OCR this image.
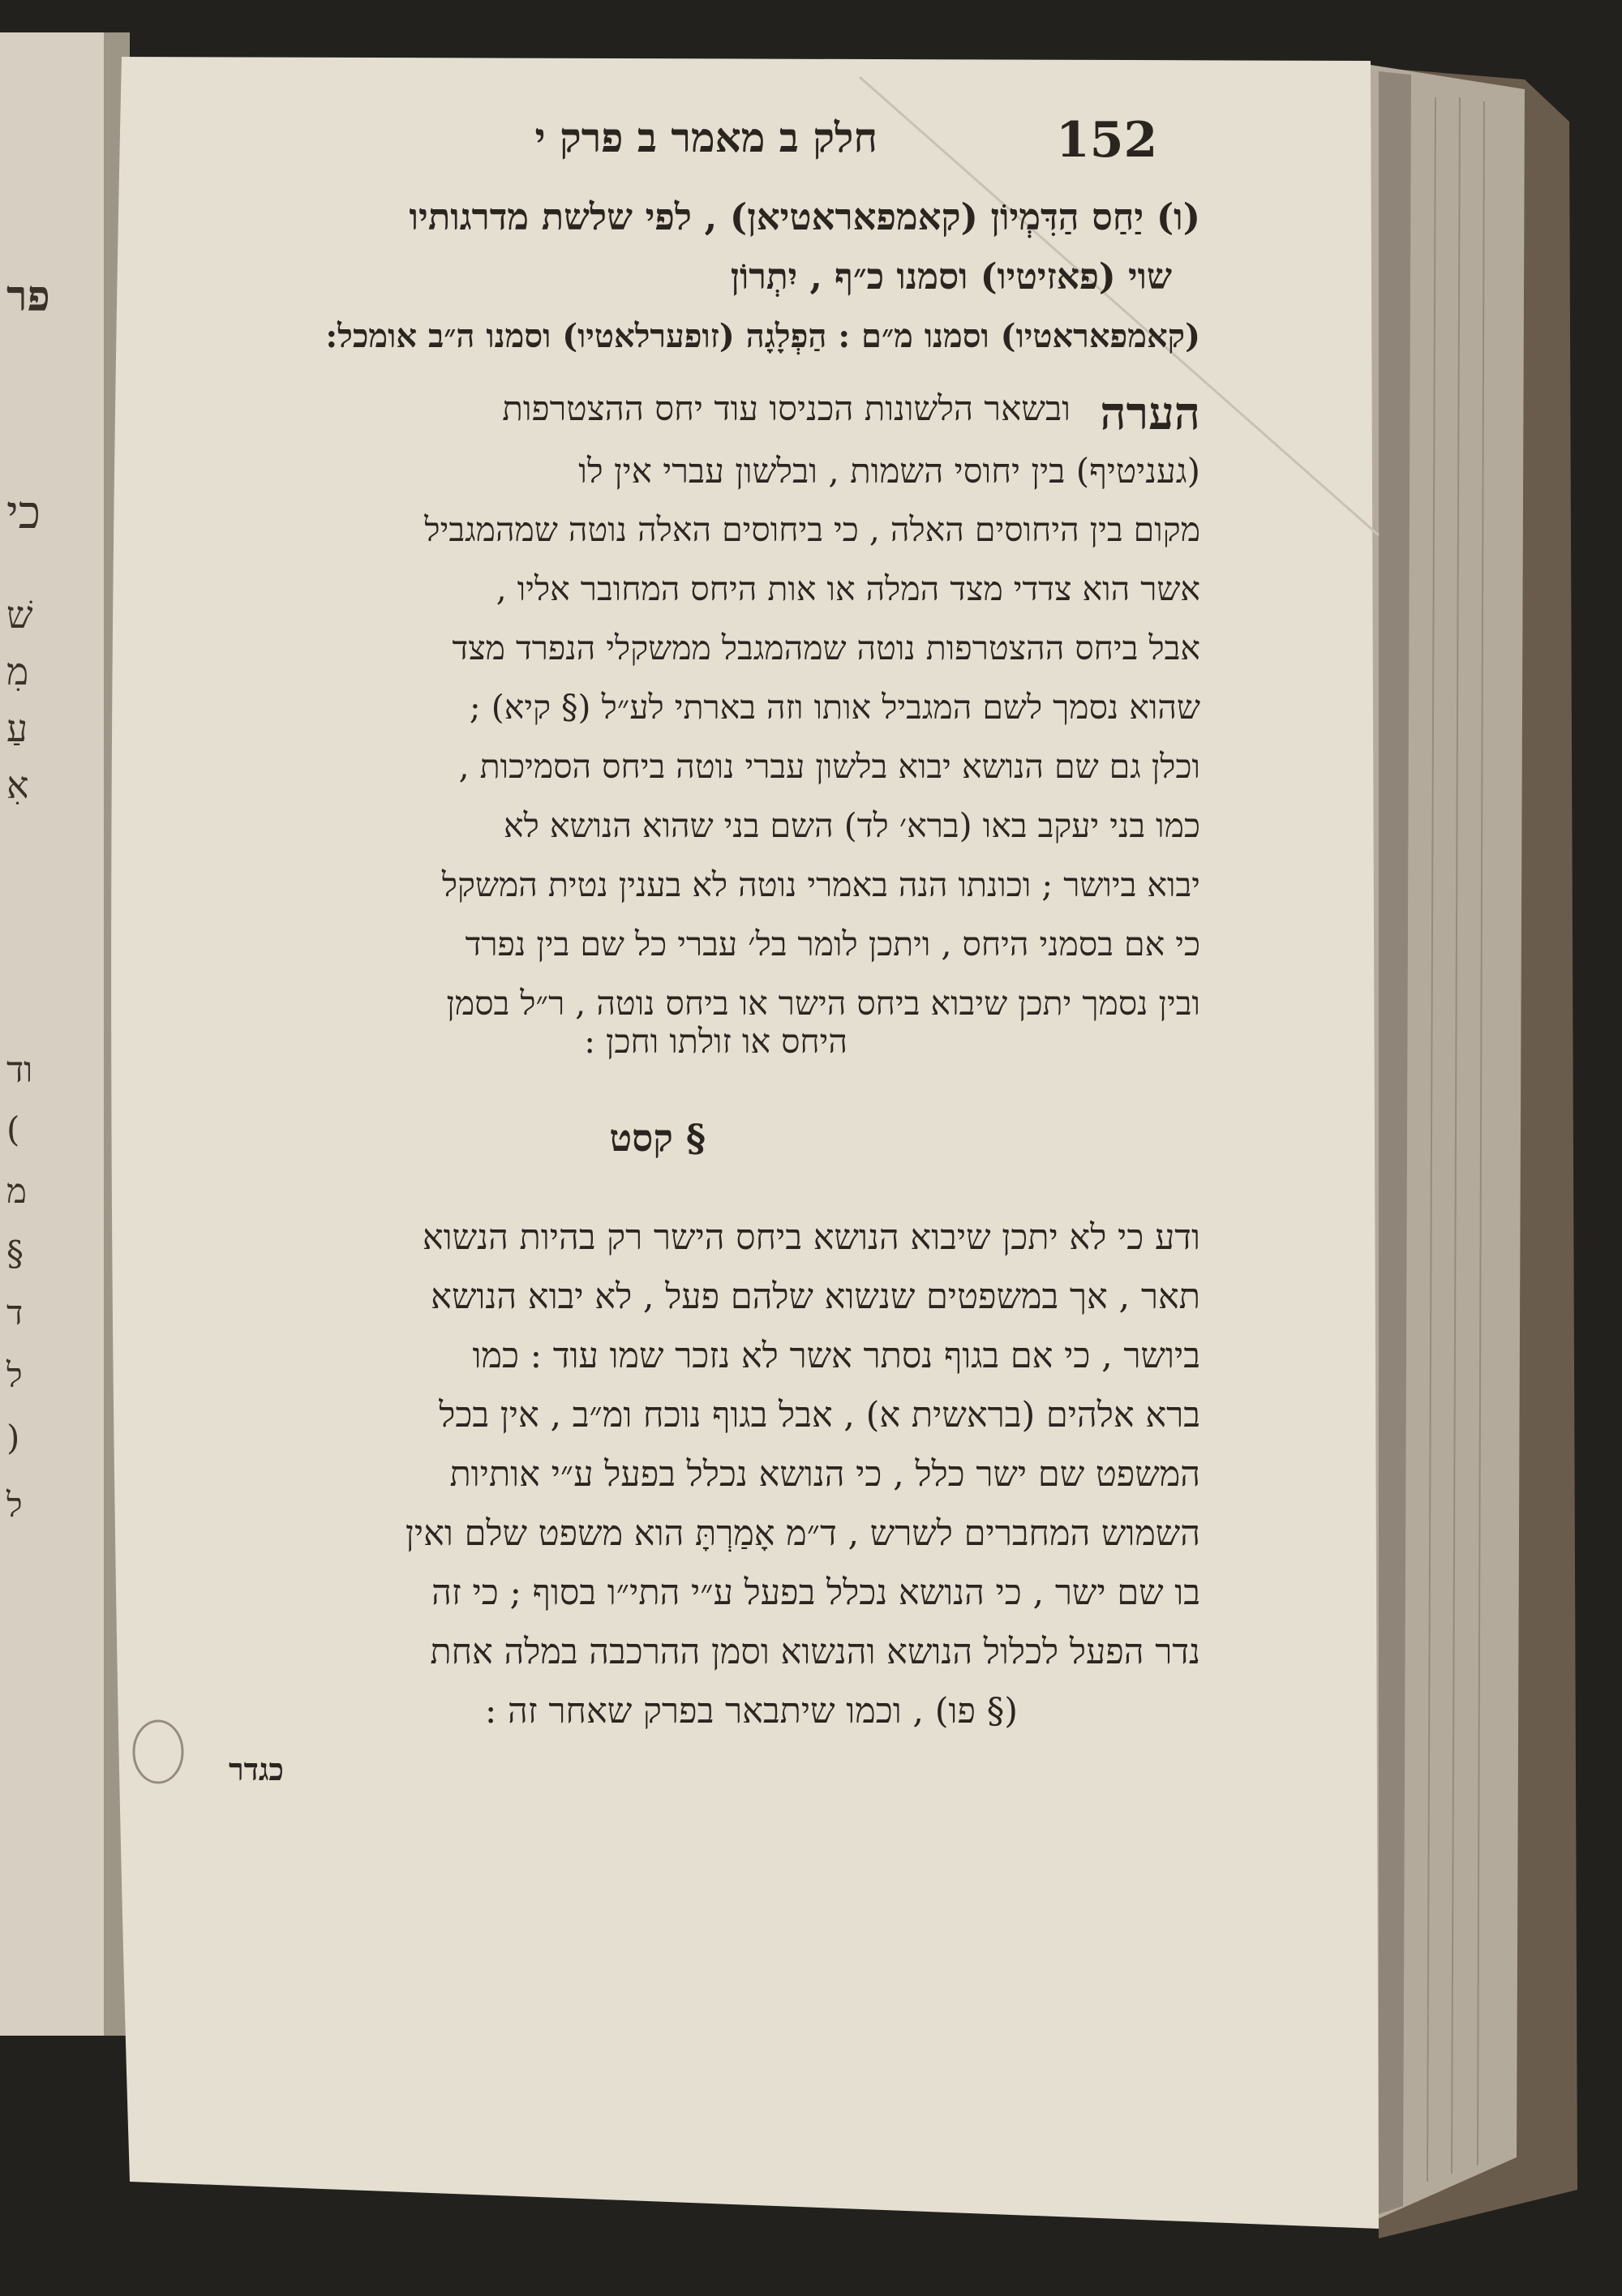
152
חלק ב מאמר ב פרק י
(ו) יַחַס הַדִּמְיוֹן (קאמפאראטיאן) , לפי שלשת מדרגותיו
שוי (פאזיטיו) וסמנו כ״ף , יִתְרוֹן
(קאמפאראטיו) וסמנו מ״ם : הַפְלָגָה (זופערלאטיו) וסמנו ה״ב אומכל:
הערה
ובשאר הלשונות הכניסו עוד יחס ההצטרפות
(געניטיף) בין יחוסי השמות , ובלשון עברי אין לו
מקום בין היחוסים האלה , כי ביחוסים האלה נוטה שמהמגביל
אשר הוא צדדי מצד המלה או אות היחס המחובר אליו ,
אבל ביחס ההצטרפות נוטה שמהמגבל ממשקלי הנפרד מצד
שהוא נסמך לשם המגביל אותו וזה בארתי לע״ל (§ קיא) ;
וכלן גם שם הנושא יבוא בלשון עברי נוטה ביחס הסמיכות ,
כמו בני יעקב באו (ברא׳ לד) השם בני שהוא הנושא לא
יבוא ביושר ; וכונתו הנה באמרי נוטה לא בענין נטית המשקל
כי אם בסמני היחס , ויתכן לומר בל׳ עברי כל שם בין נפרד
ובין נסמך יתכן שיבוא ביחס הישר או ביחס נוטה , ר״ל בסמן
היחס או זולתו וחכן :
§ קסט
ודע כי לא יתכן שיבוא הנושא ביחס הישר רק בהיות הנשוא
תאר , אך במשפטים שנשוא שלהם פעל , לא יבוא הנושא
ביושר , כי אם בגוף נסתר אשר לא נזכר שמו עוד : כמו
ברא אלהים (בראשית א) , אבל בגוף נוכח ומ״ב , אין בכל
המשפט שם ישר כלל , כי הנושא נכלל בפעל ע״י אותיות
השמוש המחברים לשרש , ד״מ אָמַרְתָּ הוא משפט שלם ואין
בו שם ישר , כי הנושא נכלל בפעל ע״י התי״ו בסוף ; כי זה
נדר הפעל לכלול הנושא והנשוא וסמן ההרכבה במלה אחת
(§ פו) , וכמו שיתבאר בפרק שאחר זה :
כגדר
פר
כי
שׁ
מִ
עַ
אִ
וד
)
מ
§
ד
ל
(
ל
